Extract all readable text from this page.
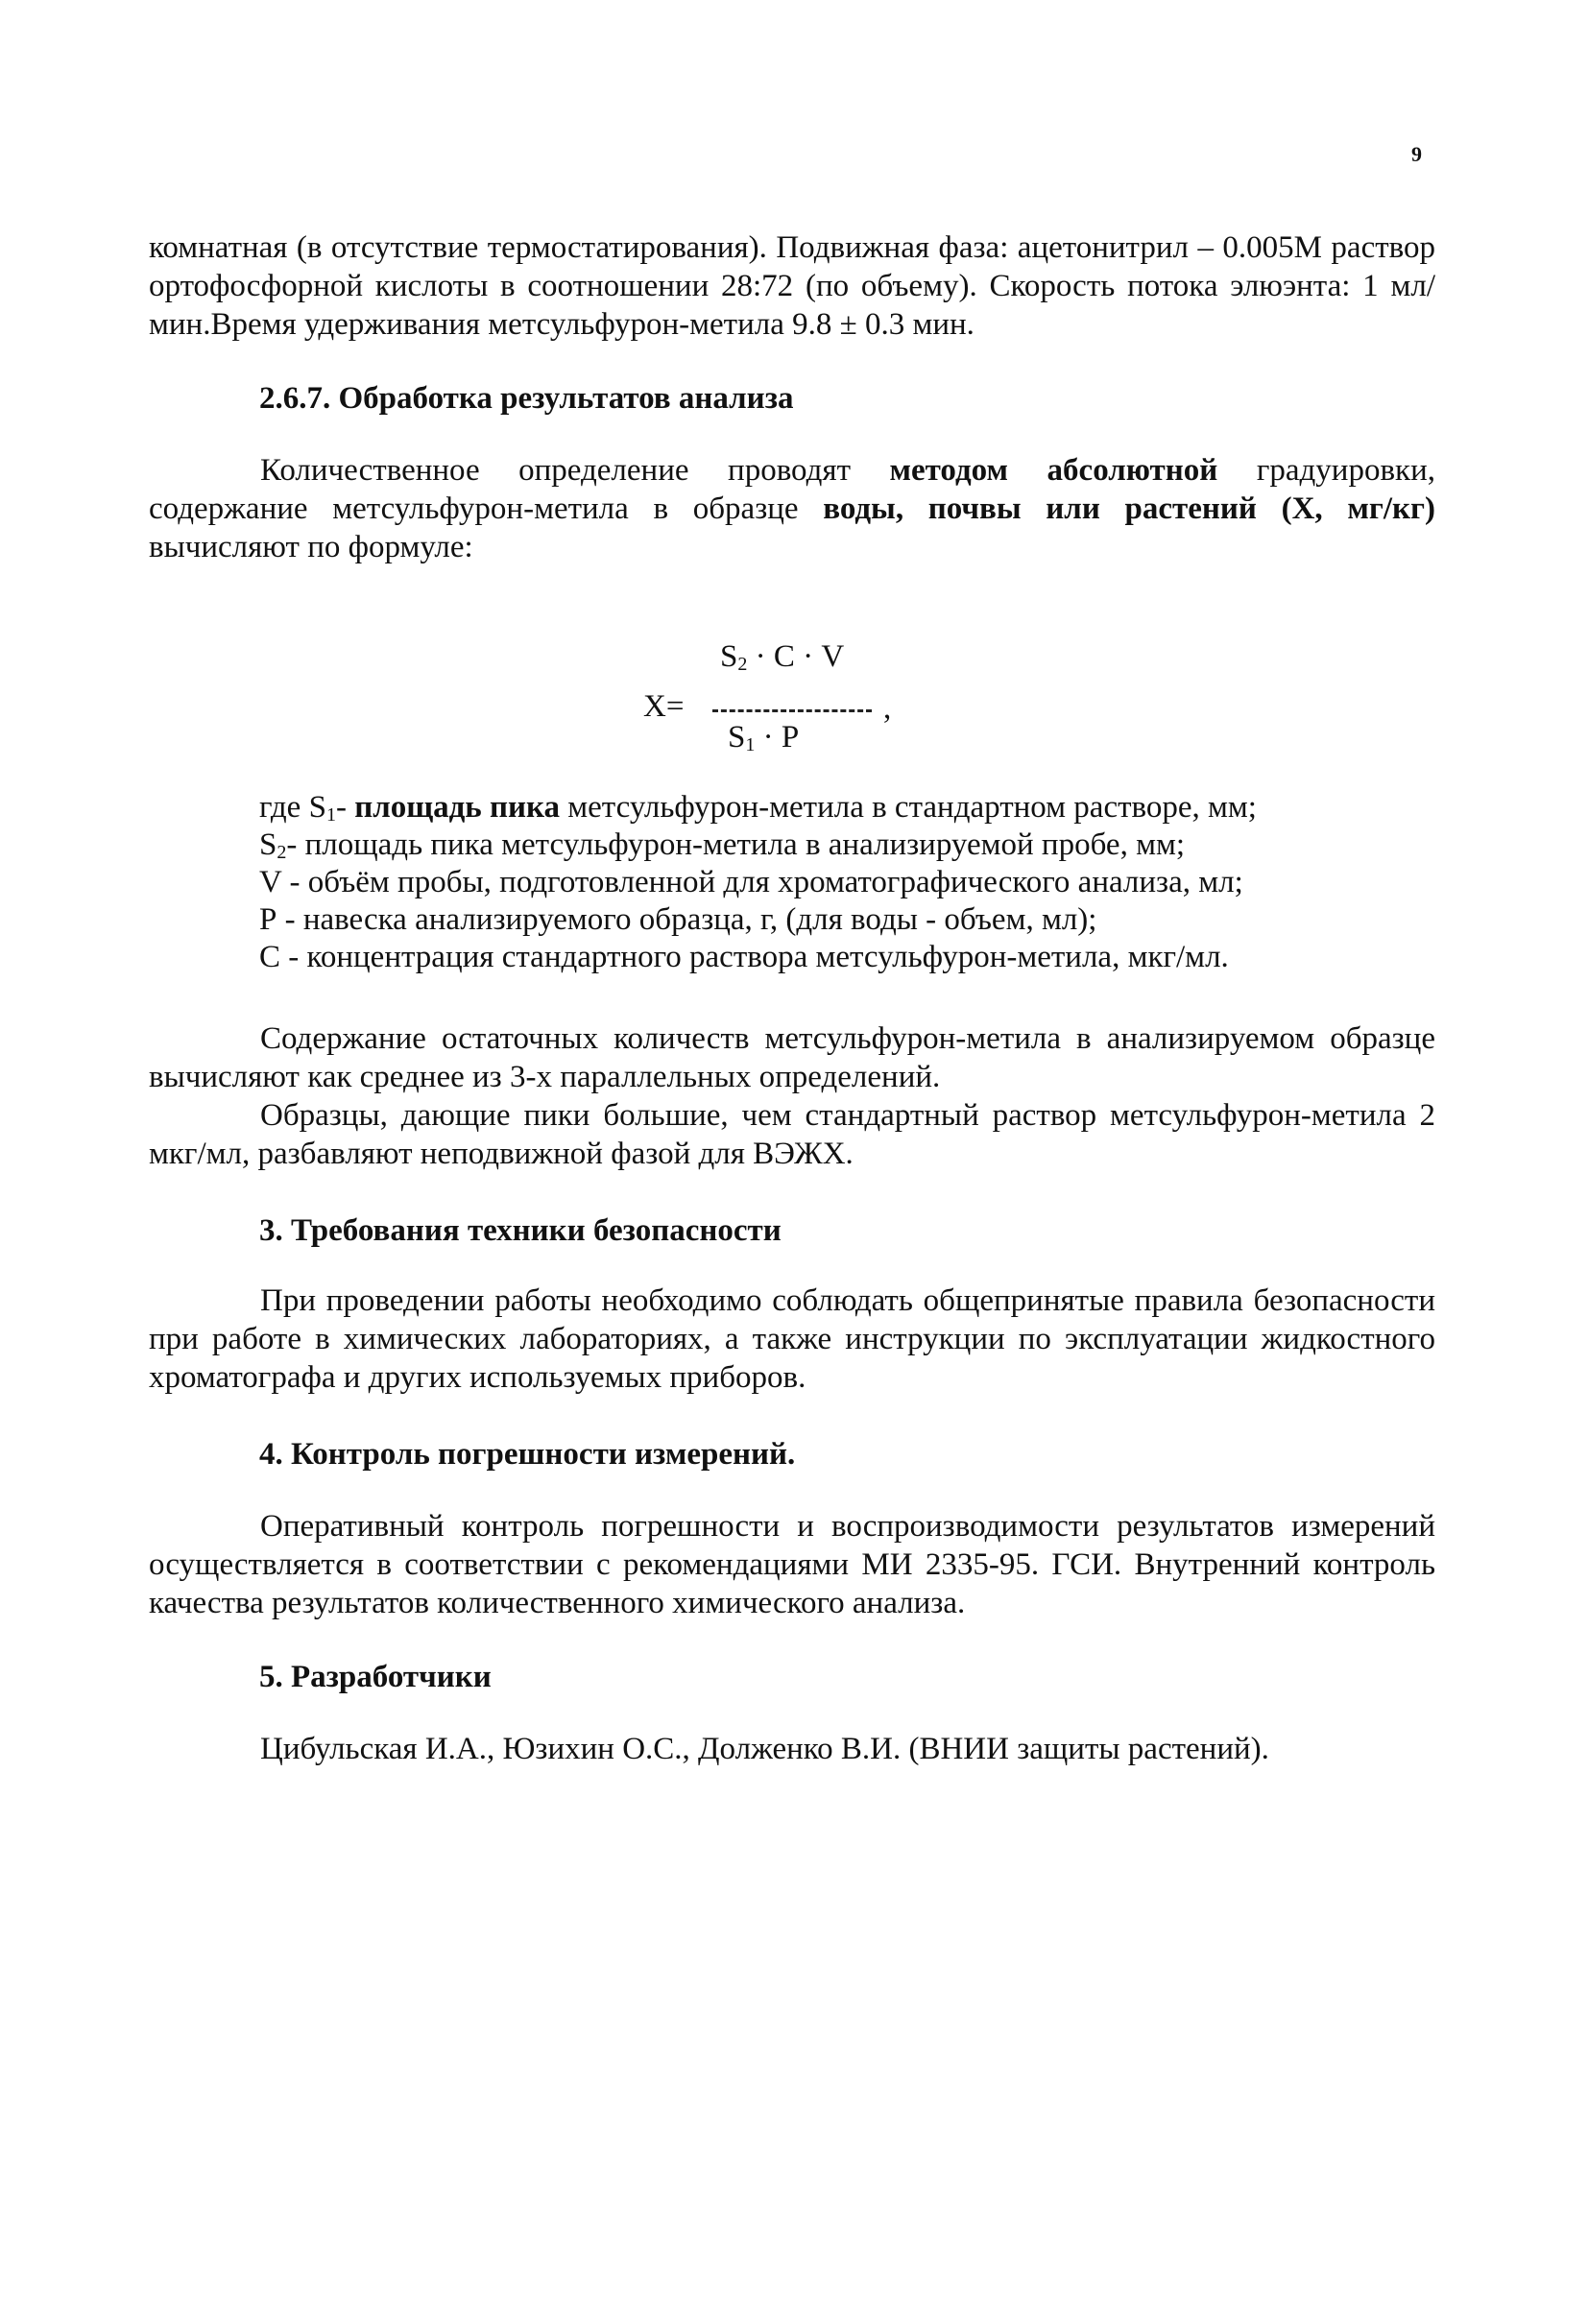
9

комнатная (в отсутствие термостатирования). Подвижная фаза: ацетонитрил – 0.005М раствор ортофосфорной кислоты в соотношении 28:72 (по объему). Скорость потока элюэнта: 1 мл/мин.Время удерживания метсульфурон-метила 9.8 ± 0.3 мин.

2.6.7. Обработка результатов анализа

Количественное определение проводят методом абсолютной градуировки, содержание метсульфурон-метила в образце воды, почвы или растений (Х, мг/кг) вычисляют по формуле:

Х=
$S_2 \cdot С \cdot V$
$S_1 \cdot Р$
,
где $S_1-$ площадь пика метсульфурон-метила в стандартном растворе, мм;
$S_2-$ площадь пика метсульфурон-метила в анализируемой пробе, мм;
V - объём пробы, подготовленной для хроматографического анализа, мл;
Р - навеска анализируемого образца, г, (для воды - объем, мл);
С - концентрация стандартного раствора метсульфурон-метила, мкг/мл.

Содержание остаточных количеств метсульфурон-метила в анализируемом образце вычисляют как среднее из 3-х параллельных определений.

Образцы, дающие пики большие, чем стандартный раствор метсульфурон-метила 2 мкг/мл, разбавляют неподвижной фазой для ВЭЖХ.

3. Требования техники безопасности

При проведении работы необходимо соблюдать общепринятые правила безопасности при работе в химических лабораториях, а также инструкции по эксплуатации жидкостного хроматографа и других используемых приборов.

4. Контроль погрешности измерений.

Оперативный контроль погрешности и воспроизводимости результатов измерений осуществляется в соответствии с рекомендациями МИ 2335-95. ГСИ. Внутренний контроль качества результатов количественного химического анализа.

5. Разработчики

Цибульская И.А., Юзихин О.С., Долженко В.И. (ВНИИ защиты растений).
